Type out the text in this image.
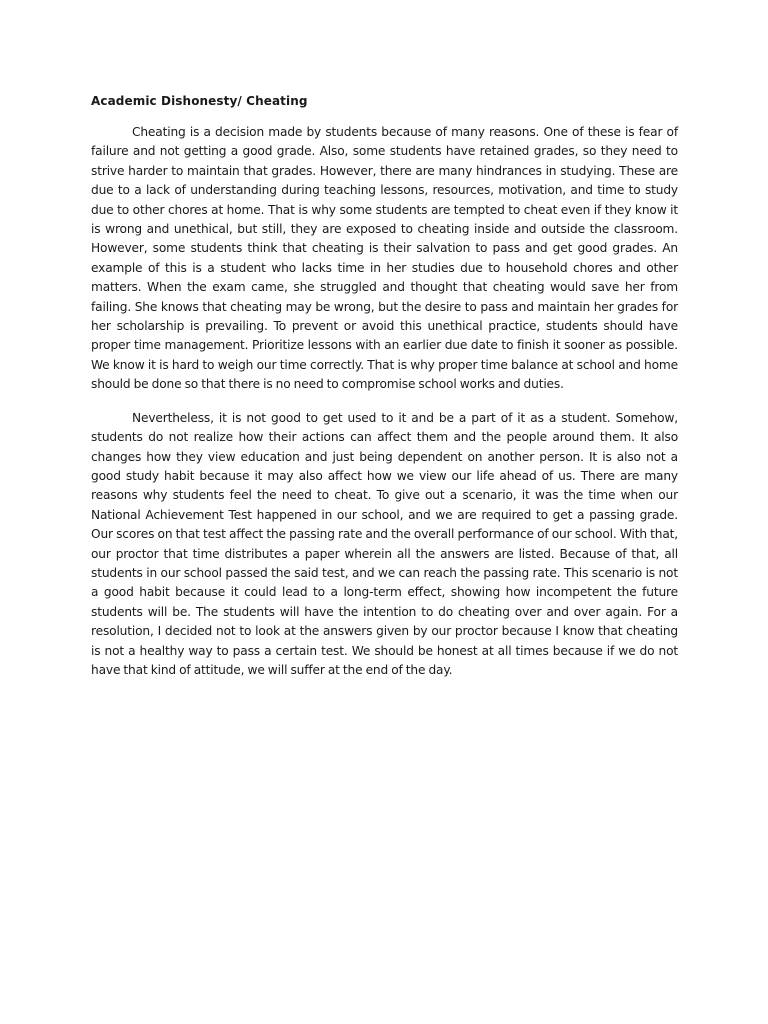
Academic Dishonesty/ Cheating

Cheating is a decision made by students because of many reasons. One of these is fear of failure and not getting a good grade. Also, some students have retained grades, so they need to strive harder to maintain that grades. However, there are many hindrances in studying. These are due to a lack of understanding during teaching lessons, resources, motivation, and time to study due to other chores at home. That is why some students are tempted to cheat even if they know it is wrong and unethical, but still, they are exposed to cheating inside and outside the classroom. However, some students think that cheating is their salvation to pass and get good grades. An example of this is a student who lacks time in her studies due to household chores and other matters. When the exam came, she struggled and thought that cheating would save her from failing. She knows that cheating may be wrong, but the desire to pass and maintain her grades for her scholarship is prevailing. To prevent or avoid this unethical practice, students should have proper time management. Prioritize lessons with an earlier due date to finish it sooner as possible. We know it is hard to weigh our time correctly. That is why proper time balance at school and home should be done so that there is no need to compromise school works and duties.

Nevertheless, it is not good to get used to it and be a part of it as a student. Somehow, students do not realize how their actions can affect them and the people around them. It also changes how they view education and just being dependent on another person. It is also not a good study habit because it may also affect how we view our life ahead of us. There are many reasons why students feel the need to cheat. To give out a scenario, it was the time when our National Achievement Test happened in our school, and we are required to get a passing grade. Our scores on that test affect the passing rate and the overall performance of our school. With that, our proctor that time distributes a paper wherein all the answers are listed. Because of that, all students in our school passed the said test, and we can reach the passing rate. This scenario is not a good habit because it could lead to a long-term effect, showing how incompetent the future students will be. The students will have the intention to do cheating over and over again. For a resolution, I decided not to look at the answers given by our proctor because I know that cheating is not a healthy way to pass a certain test. We should be honest at all times because if we do not have that kind of attitude, we will suffer at the end of the day.
